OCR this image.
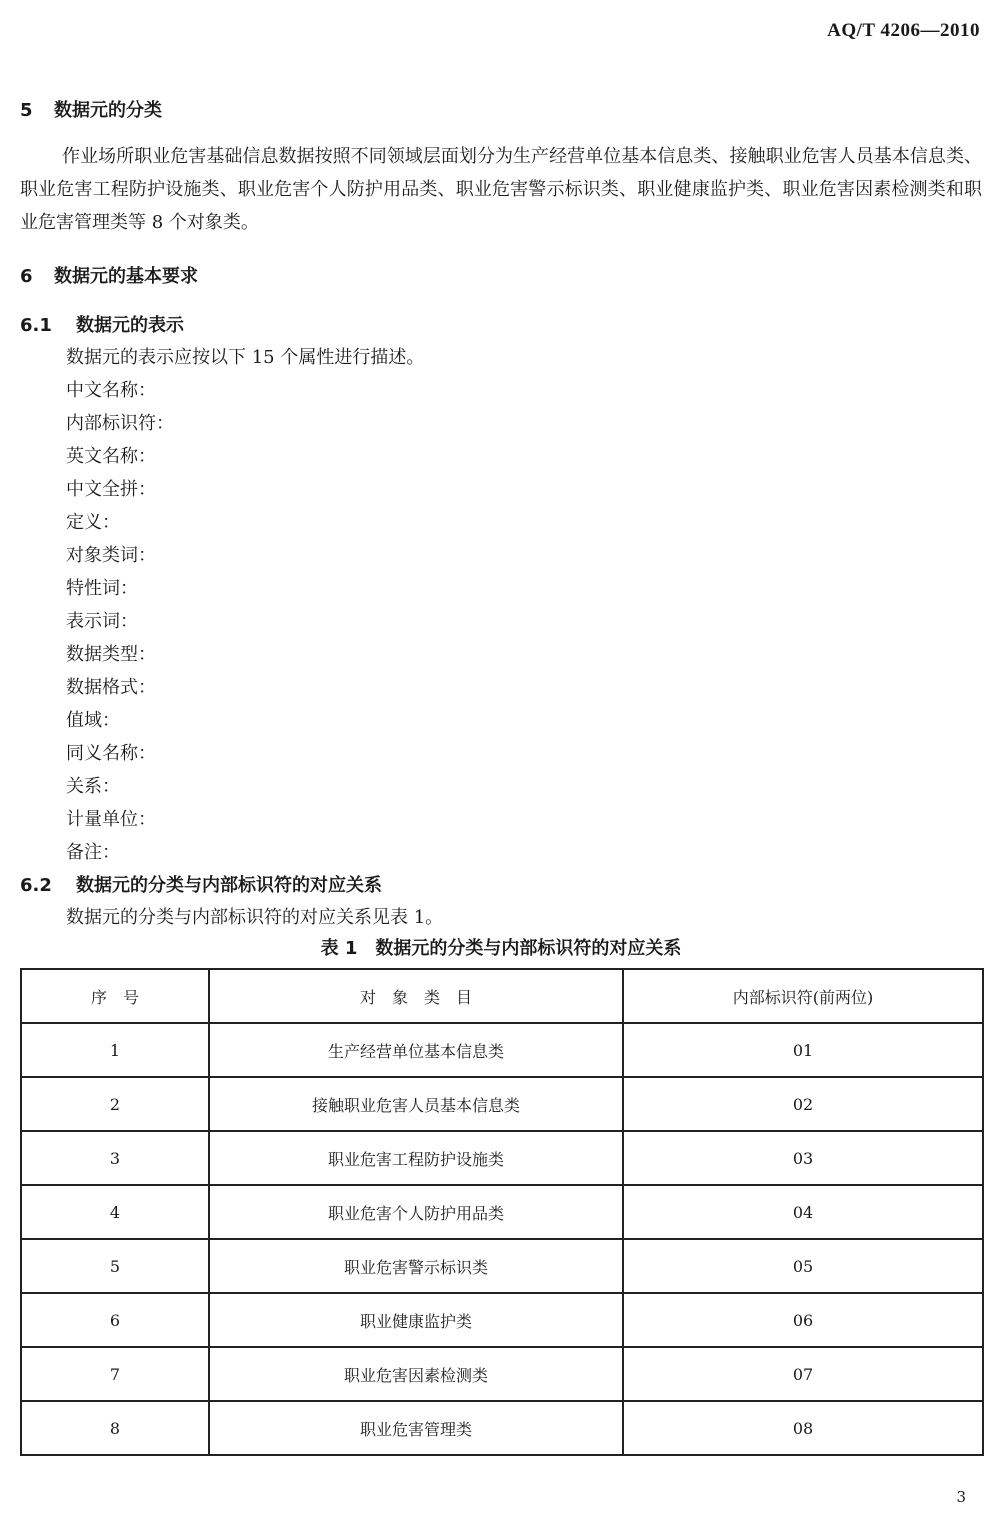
AQ/T 4206—2010
5 数据元的分类

作业场所职业危害基础信息数据按照不同领域层面划分为生产经营单位基本信息类、接触职业危害人员基本信息类、职业危害工程防护设施类、职业危害个人防护用品类、职业危害警示标识类、职业健康监护类、职业危害因素检测类和职业危害管理类等 8 个对象类。

6 数据元的基本要求
6.1 数据元的表示
数据元的表示应按以下 15 个属性进行描述。
中文名称：
内部标识符：
英文名称：
中文全拼：
定义：
对象类词：
特性词：
表示词：
数据类型：
数据格式：
值域：
同义名称：
关系：
计量单位：
备注：
6.2 数据元的分类与内部标识符的对应关系
数据元的分类与内部标识符的对应关系见表 1。
表 1　数据元的分类与内部标识符的对应关系
序　号	对　象　类　目	内部标识符(前两位)
1	生产经营单位基本信息类	01
2	接触职业危害人员基本信息类	02
3	职业危害工程防护设施类	03
4	职业危害个人防护用品类	04
5	职业危害警示标识类	05
6	职业健康监护类	06
7	职业危害因素检测类	07
8	职业危害管理类	08
3
